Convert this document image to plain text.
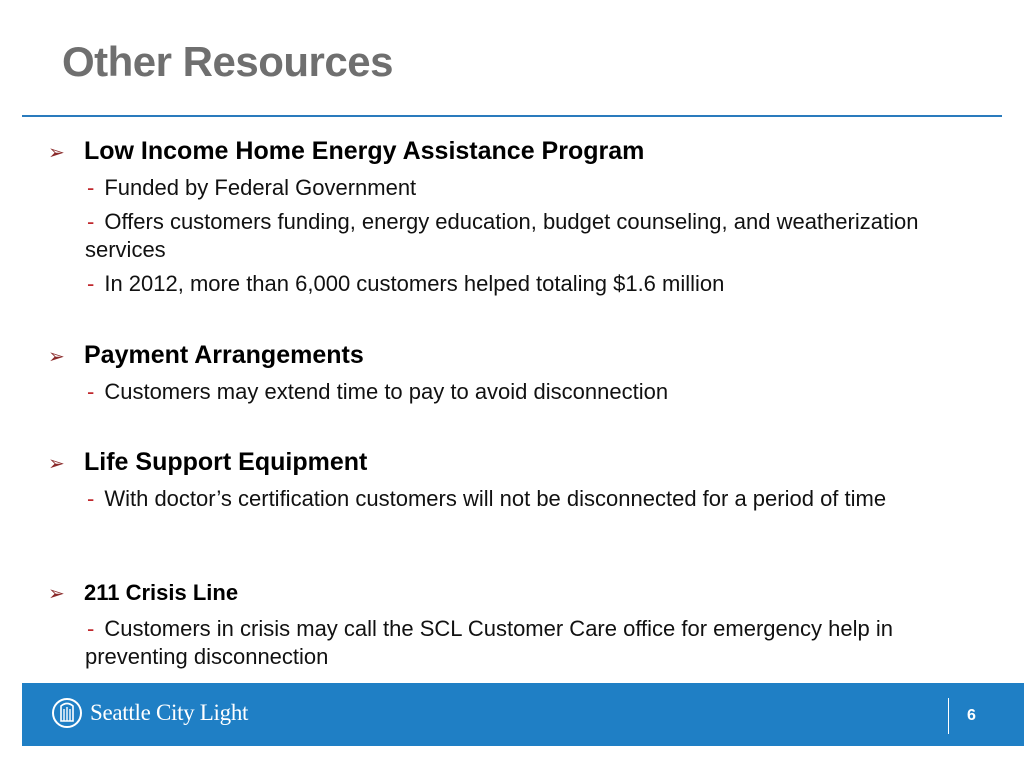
Other Resources
➢ Low Income Home Energy Assistance Program
- Funded by Federal Government
- Offers customers funding, energy education, budget counseling, and weatherization services
- In 2012, more than 6,000 customers helped totaling $1.6 million
➢ Payment Arrangements
- Customers may extend time to pay to avoid disconnection
➢ Life Support Equipment
- With doctor’s certification customers will not be disconnected for a period of time
➢ 211 Crisis Line
- Customers in crisis may call the SCL Customer Care office for emergency help in preventing disconnection
Seattle City Light	6
